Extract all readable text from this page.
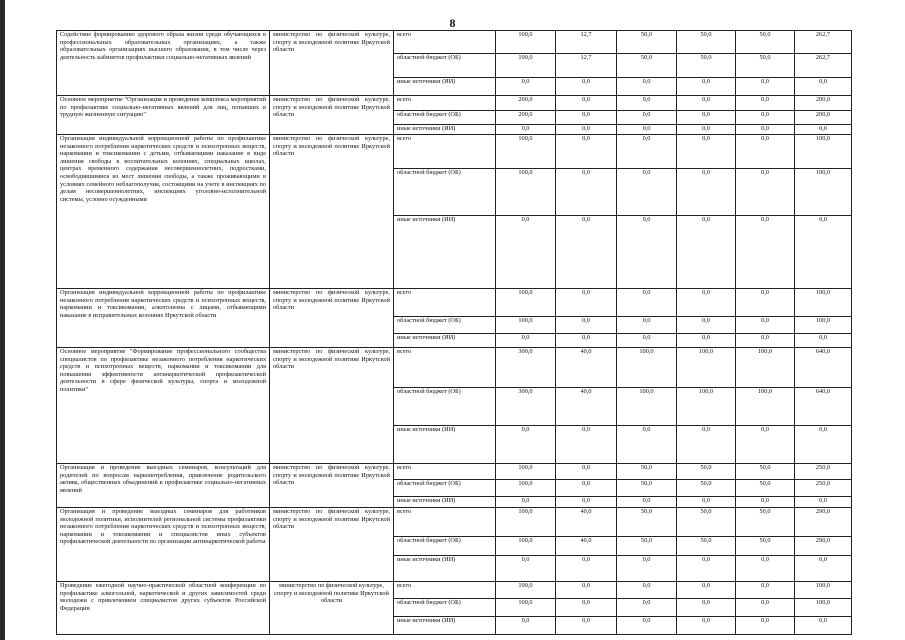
8
Содействие формированию здорового образа жизни среди обучающихся в профессиональных образовательных организациях, а также образовательных организациях высшего образования, в том числе через деятельность кабинетов профилактики социально-негативных явлений	министерство по физической культуре, спорту и молодежной политике Иркутской области	всего	100,0	12,7	50,0	50,0	50,0	262,7
		областной бюджет (ОБ)	100,0	12,7	50,0	50,0	50,0	262,7
		иные источники (ИИ)	0,0	0,0	0,0	0,0	0,0	0,0
Основное мероприятие "Организация и проведение комплекса мероприятий по профилактике социально-негативных явлений для лиц, попавших в трудную жизненную ситуацию"	министерство по физической культуре, спорту и молодежной политике Иркутской области	всего	200,0	0,0	0,0	0,0	0,0	200,0
		областной бюджет (ОБ)	200,0	0,0	0,0	0,0	0,0	200,0
		иные источники (ИИ)	0,0	0,0	0,0	0,0	0,0	0,0
Организация индивидуальной коррекционной работы по профилактике незаконного потребления наркотических средств и психотропных веществ, наркомании и токсикомании с детьми, отбывающими наказание в виде лишения свободы в воспитательных колониях, специальных школах, центрах временного содержания несовершеннолетних, подростками, освободившимися из мест лишения свободы, а также проживающими в условиях семейного неблагополучия, состоящими на учете в инспекциях по делам несовершеннолетних, инспекциях уголовно-исполнительной системы, условно осужденными	министерство по физической культуре, спорту и молодежной политике Иркутской области	всего	100,0	0,0	0,0	0,0	0,0	100,0
		областной бюджет (ОБ)	100,0	0,0	0,0	0,0	0,0	100,0
		иные источники (ИИ)	0,0	0,0	0,0	0,0	0,0	0,0
Организация индивидуальной коррекционной работы по профилактике незаконного потребления наркотических средств и психотропных веществ, наркомании и токсикомании, алкоголизма с лицами, отбывающими наказание в исправительных колониях Иркутской области	министерство по физической культуре, спорту и молодежной политике Иркутской области	всего	100,0	0,0	0,0	0,0	0,0	100,0
		областной бюджет (ОБ)	100,0	0,0	0,0	0,0	0,0	100,0
		иные источники (ИИ)	0,0	0,0	0,0	0,0	0,0	0,0
Основное мероприятие "Формирование профессионального сообщества специалистов по профилактике незаконного потребления наркотических средств и психотропных веществ, наркомании и токсикомании для повышения эффективности антинаркотической профилактической деятельности в сфере физической культуры, спорта и молодежной политики"	министерство по физической культуре, спорту и молодежной политике Иркутской области	всего	300,0	40,0	100,0	100,0	100,0	640,0
		областной бюджет (ОБ)	300,0	40,0	100,0	100,0	100,0	640,0
		иные источники (ИИ)	0,0	0,0	0,0	0,0	0,0	0,0
Организация и проведение выездных семинаров, консультаций для родителей по вопросам наркопотребления, привлечение родительского актива, общественных объединений к профилактике социально-негативных явлений	министерство по физической культуре, спорту и молодежной политике Иркутской области	всего	100,0	0,0	50,0	50,0	50,0	250,0
		областной бюджет (ОБ)	100,0	0,0	50,0	50,0	50,0	250,0
		иные источники (ИИ)	0,0	0,0	0,0	0,0	0,0	0,0
Организация и проведение выездных семинаров для работников молодежной политики, исполнителей региональной системы профилактики незаконного потребления наркотических средств и психотропных веществ, наркомании и токсикомании и специалистов иных субъектов профилактической деятельности по организации антинаркотической работы	министерство по физической культуре, спорту и молодежной политике Иркутской области	всего	100,0	40,0	50,0	50,0	50,0	290,0
		областной бюджет (ОБ)	100,0	40,0	50,0	50,0	50,0	290,0
		иные источники (ИИ)	0,0	0,0	0,0	0,0	0,0	0,0
Проведение ежегодной научно-практической областной конференции по профилактике алкогольной, наркотической и других зависимостей среди молодежи с привлечением специалистов других субъектов Российской Федерации	министерство по физической культуре, спорту и молодежной политике Иркутской области	всего	100,0	0,0	0,0	0,0	0,0	100,0
		областной бюджет (ОБ)	100,0	0,0	0,0	0,0	0,0	100,0
		иные источники (ИИ)	0,0	0,0	0,0	0,0	0,0	0,0
